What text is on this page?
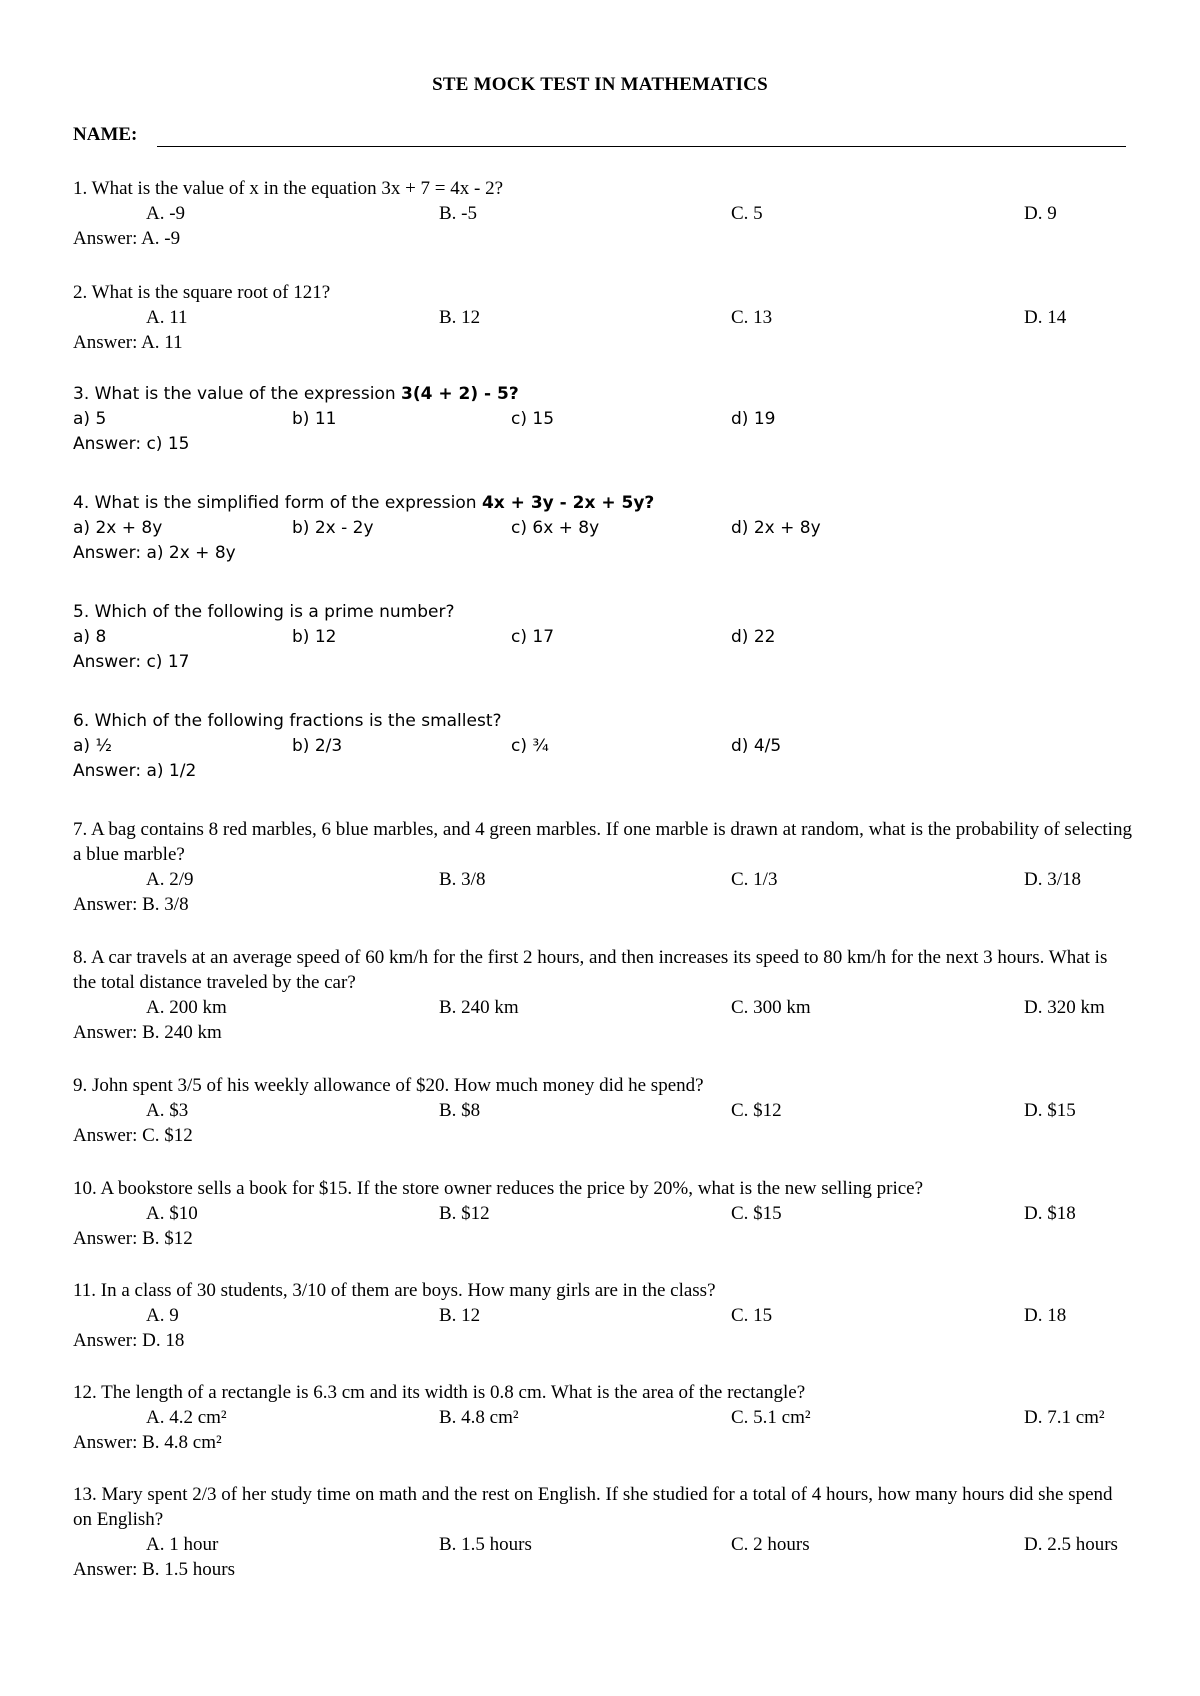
STE MOCK TEST IN MATHEMATICS
NAME:
1. What is the value of x in the equation 3x + 7 = 4x - 2?
A. -9	B. -5	C. 5	D. 9
Answer: A. -9
2. What is the square root of 121?
A. 11	B. 12	C. 13	D. 14
Answer: A. 11
3. What is the value of the expression 3(4 + 2) - 5?
a) 5	b) 11	c) 15	d) 19
Answer: c) 15
4. What is the simplified form of the expression 4x + 3y - 2x + 5y?
a) 2x + 8y	b) 2x - 2y	c) 6x + 8y	d) 2x + 8y
Answer: a) 2x + 8y
5. Which of the following is a prime number?
a) 8	b) 12	c) 17	d) 22
Answer: c) 17
6. Which of the following fractions is the smallest?
a) ½	b) 2/3	c) ¾	d) 4/5
Answer: a) 1/2
7. A bag contains 8 red marbles, 6 blue marbles, and 4 green marbles. If one marble is drawn at random, what is the probability of selecting a blue marble?
A. 2/9	B. 3/8	C. 1/3	D. 3/18
Answer: B. 3/8
8. A car travels at an average speed of 60 km/h for the first 2 hours, and then increases its speed to 80 km/h for the next 3 hours. What is the total distance traveled by the car?
A. 200 km	B. 240 km	C. 300 km	D. 320 km
Answer: B. 240 km
9. John spent 3/5 of his weekly allowance of $20. How much money did he spend?
A. $3	B. $8	C. $12	D. $15
Answer: C. $12
10. A bookstore sells a book for $15. If the store owner reduces the price by 20%, what is the new selling price?
A. $10	B. $12	C. $15	D. $18
Answer: B. $12
11. In a class of 30 students, 3/10 of them are boys. How many girls are in the class?
A. 9	B. 12	C. 15	D. 18
Answer: D. 18
12. The length of a rectangle is 6.3 cm and its width is 0.8 cm. What is the area of the rectangle?
A. 4.2 cm²	B. 4.8 cm²	C. 5.1 cm²	D. 7.1 cm²
Answer: B. 4.8 cm²
13. Mary spent 2/3 of her study time on math and the rest on English. If she studied for a total of 4 hours, how many hours did she spend on English?
A. 1 hour	B. 1.5 hours	C. 2 hours	D. 2.5 hours
Answer: B. 1.5 hours
